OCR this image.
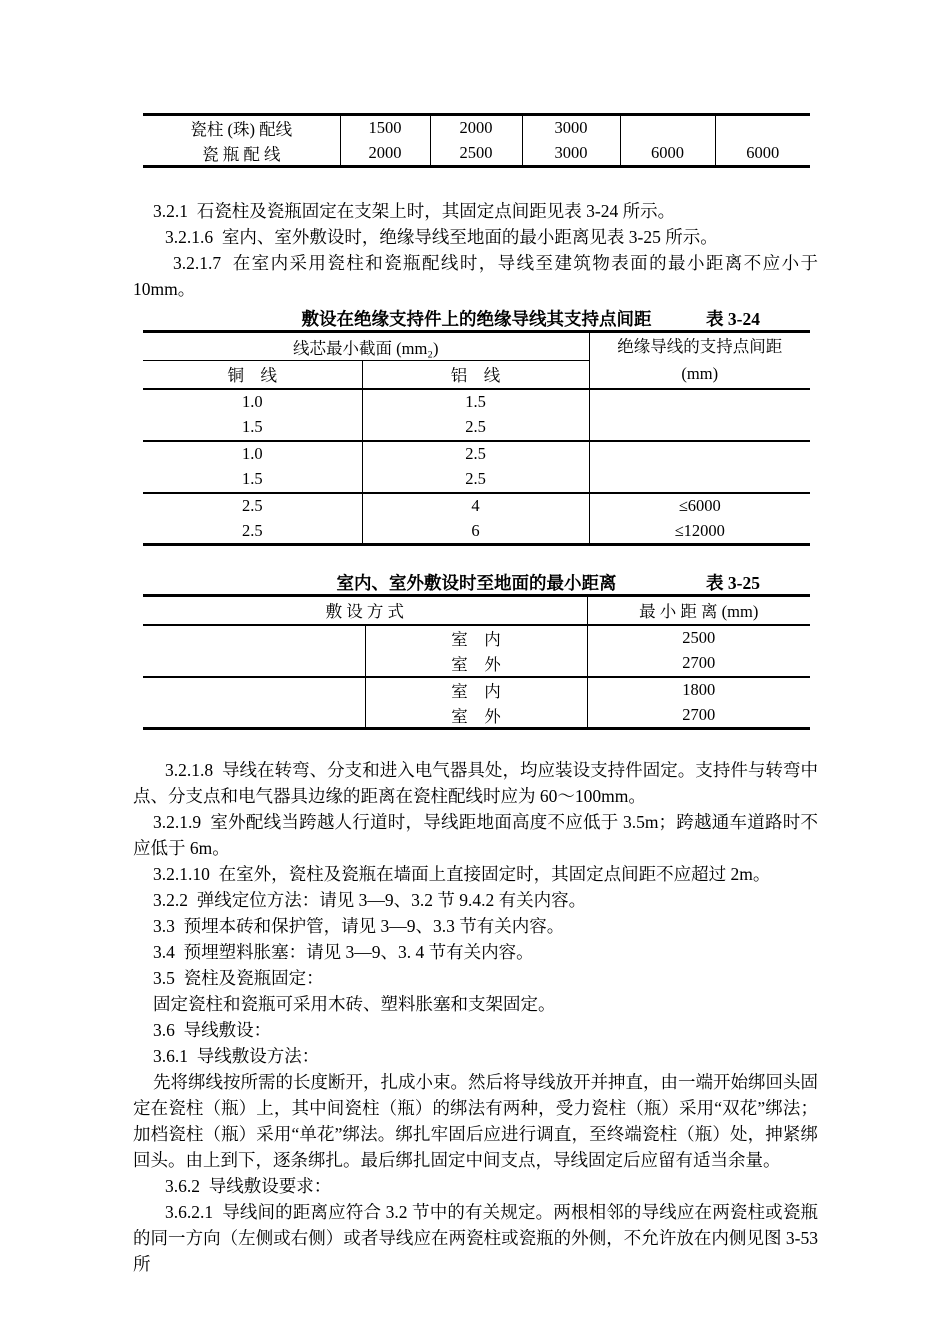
瓷柱 (珠) 配线	1500	2000	3000		
瓷 瓶 配 线	2000	2500	3000	6000	6000

3.2.1  石瓷柱及瓷瓶固定在支架上时，其固定点间距见表 3-24 所示。

3.2.1.6  室内、室外敷设时，绝缘导线至地面的最小距离见表 3-25 所示。

3.2.1.7  在室内采用瓷柱和瓷瓶配线时，导线至建筑物表面的最小距离不应小于10mm。

敷设在绝缘支持件上的绝缘导线其支持点间距	表 3-24
线芯最小截面 (mm₂)		绝缘导线的支持点间距
(mm)

铜　线	铝　线	
1.0	1.5	
1.5	2.5	
1.0	2.5	
1.5	2.5	
2.5	4	≤6000
2.5	6	≤12000
室内、室外敷设时至地面的最小距离	表 3-25
敷 设 方 式		最 小 距 离 (mm)
	室　内	2500
	室　外	2700
	室　内	1800
	室　外	2700

3.2.1.8  导线在转弯、分支和进入电气器具处，均应装设支持件固定。支持件与转弯中点、分支点和电气器具边缘的距离在瓷柱配线时应为 60～100mm。

3.2.1.9  室外配线当跨越人行道时，导线距地面高度不应低于 3.5m；跨越通车道路时不应低于 6m。

3.2.1.10  在室外，瓷柱及瓷瓶在墙面上直接固定时，其固定点间距不应超过 2m。

3.2.2  弹线定位方法：请见 3—9、3.2 节 9.4.2 有关内容。

3.3  预埋本砖和保护管，请见 3—9、3.3 节有关内容。

3.4  预埋塑料胀塞：请见 3—9、3. 4 节有关内容。

3.5  瓷柱及瓷瓶固定：

固定瓷柱和瓷瓶可采用木砖、塑料胀塞和支架固定。

3.6  导线敷设：

3.6.1  导线敷设方法：

先将绑线按所需的长度断开，扎成小束。然后将导线放开并抻直，由一端开始绑回头固定在瓷柱（瓶）上，其中间瓷柱（瓶）的绑法有两种，受力瓷柱（瓶）采用“双花”绑法；加档瓷柱（瓶）采用“单花”绑法。绑扎牢固后应进行调直，至终端瓷柱（瓶）处，抻紧绑回头。由上到下，逐条绑扎。最后绑扎固定中间支点，导线固定后应留有适当余量。

3.6.2  导线敷设要求：

3.6.2.1  导线间的距离应符合 3.2 节中的有关规定。两根相邻的导线应在两瓷柱或瓷瓶的同一方向（左侧或右侧）或者导线应在两瓷柱或瓷瓶的外侧，不允许放在内侧见图 3-53 所
